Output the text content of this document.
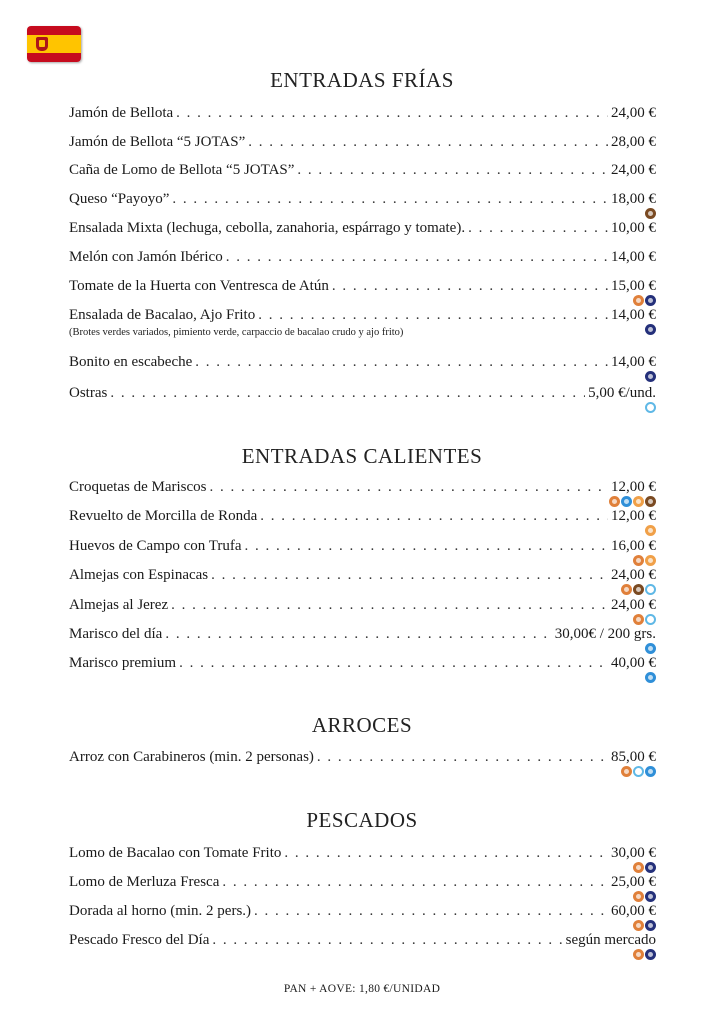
ENTRADAS FRÍAS
Jamón de Bellota . . .	24,00 €
Jamón de Bellota “5 JOTAS” . . .	28,00 €
Caña de Lomo de Bellota “5 JOTAS” . . .	24,00 €
Queso “Payoyo” . . .	18,00 €
Ensalada Mixta (lechuga, cebolla, zanahoria, espárrago y tomate). . . .	10,00 €
Melón con Jamón Ibérico . . .	14,00 €
Tomate de la Huerta con Ventresca de Atún . . .	15,00 €
Ensalada de Bacalao, Ajo Frito . . .	14,00 €
(Brotes verdes variados, pimiento verde, carpaccio de bacalao crudo y ajo frito)
Bonito en escabeche . . .	14,00 €
Ostras . . .	5,00 €/und.
ENTRADAS CALIENTES
Croquetas de Mariscos . . .	12,00 €
Revuelto de Morcilla de Ronda . . .	12,00 €
Huevos de Campo con Trufa . . .	16,00 €
Almejas con Espinacas . . .	24,00 €
Almejas al Jerez . . .	24,00 €
Marisco del día . . .	30,00€ / 200 grs.
Marisco premium . . .	40,00 €
ARROCES
Arroz con Carabineros (min. 2 personas) . . .	85,00 €
PESCADOS
Lomo de Bacalao con Tomate Frito . . .	30,00 €
Lomo de Merluza Fresca . . .	25,00 €
Dorada al horno (min. 2 pers.) . . .	60,00 €
Pescado Fresco del Día . . .	según mercado
PAN + AOVE: 1,80 €/UNIDAD
